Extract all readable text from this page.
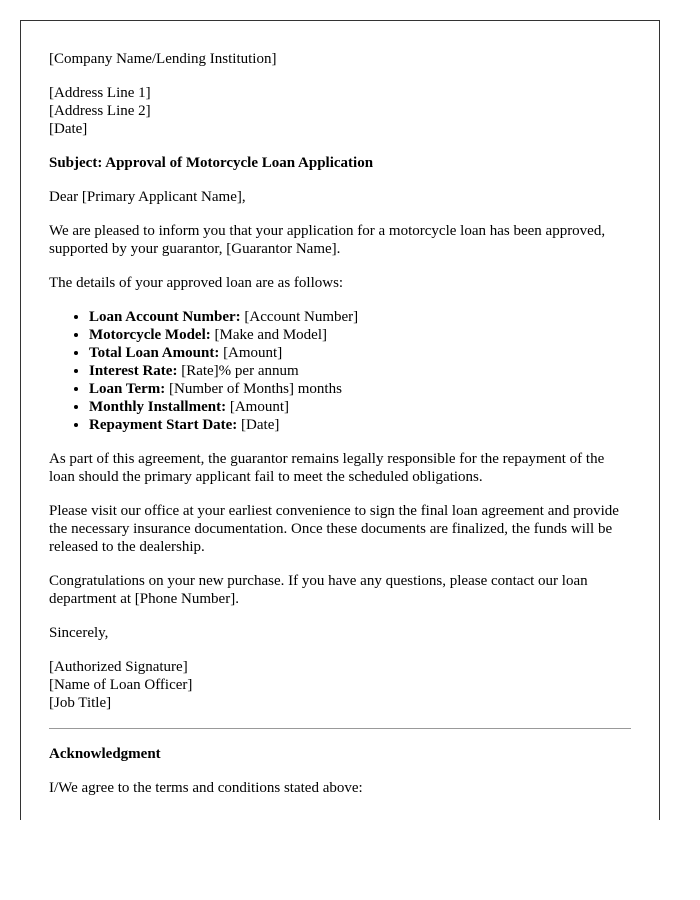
[Company Name/Lending Institution]

[Address Line 1]

[Address Line 2]

[Date]

Subject: Approval of Motorcycle Loan Application

Dear [Primary Applicant Name],

We are pleased to inform you that your application for a motorcycle loan has been approved, supported by your guarantor, [Guarantor Name].

The details of your approved loan are as follows:

• Loan Account Number: [Account Number]
• Motorcycle Model: [Make and Model]
• Total Loan Amount: [Amount]
• Interest Rate: [Rate]% per annum
• Loan Term: [Number of Months] months
• Monthly Installment: [Amount]
• Repayment Start Date: [Date]

As part of this agreement, the guarantor remains legally responsible for the repayment of the loan should the primary applicant fail to meet the scheduled obligations.

Please visit our office at your earliest convenience to sign the final loan agreement and provide the necessary insurance documentation. Once these documents are finalized, the funds will be released to the dealership.

Congratulations on your new purchase. If you have any questions, please contact our loan department at [Phone Number].

Sincerely,

[Authorized Signature]

[Name of Loan Officer]

[Job Title]

Acknowledgment

I/We agree to the terms and conditions stated above:
